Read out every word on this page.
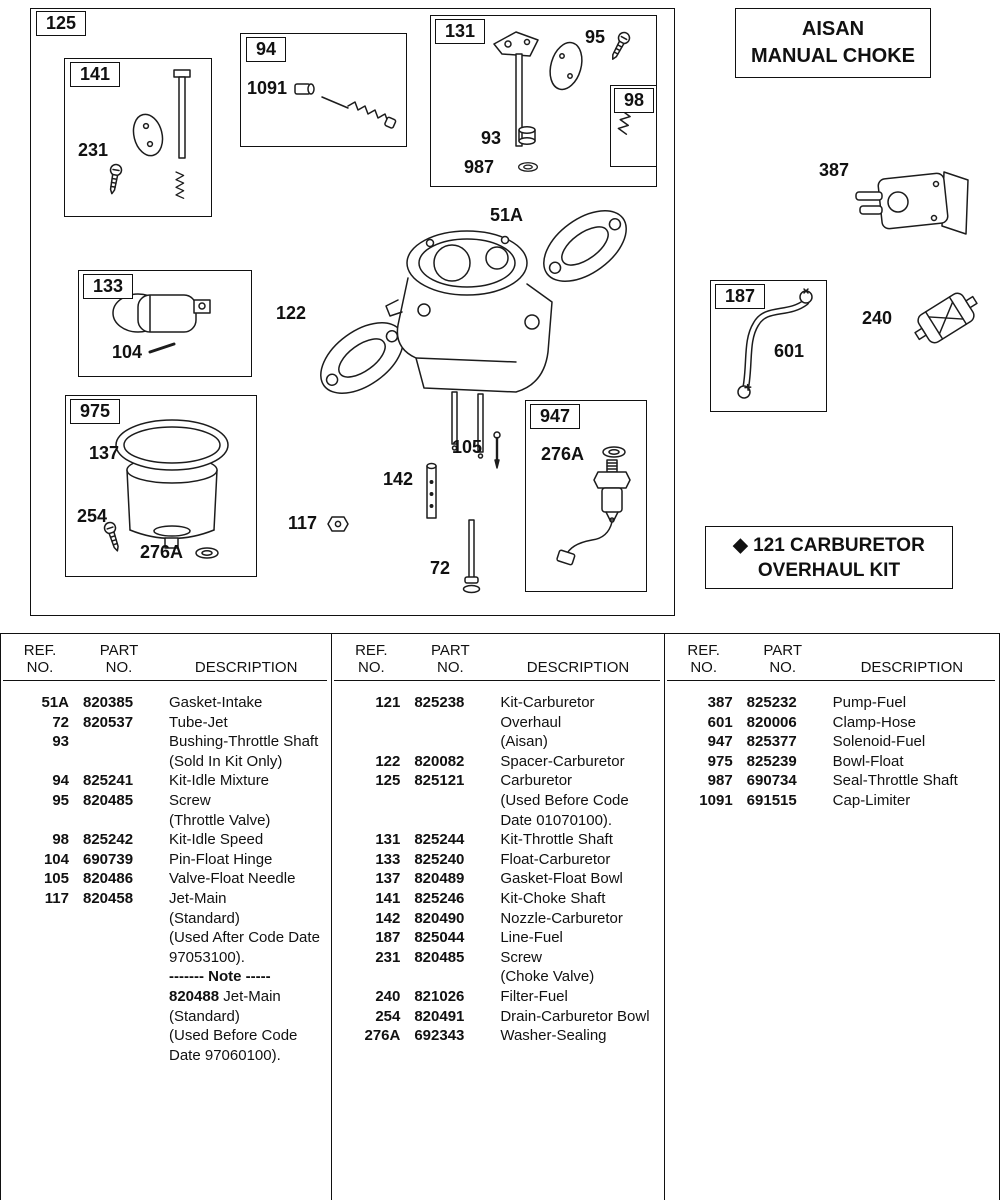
125
141
231
94
1091
131	95
98
93
987
51A
122
133
104
975
137
254
276A
117
105
142
72
947
276A
187
601
387
240
AISAN
MANUAL CHOKE
◆ 121 CARBURETOR
OVERHAUL KIT
REF.
NO.
PART
NO.	DESCRIPTION
51A 820385	Gasket-Intake
72 820537	Tube-Jet
93	Bushing-Throttle Shaft
(Sold In Kit Only)
94 825241	Kit-Idle Mixture
95 820485	Screw
(Throttle Valve)
98 825242	Kit-Idle Speed
104 690739	Pin-Float Hinge
105 820486	Valve-Float Needle
117 820458	Jet-Main
(Standard)
(Used After Code Date
97053100).
------- Note -----
820488 Jet-Main
(Standard)
(Used Before Code
Date 97060100).
REF.
NO.
PART
NO.	DESCRIPTION
121 825238	Kit-Carburetor
Overhaul
(Aisan)
122 820082	Spacer-Carburetor
125 825121	Carburetor
(Used Before Code
Date 01070100).
131 825244	Kit-Throttle Shaft
133 825240	Float-Carburetor
137 820489	Gasket-Float Bowl
141 825246	Kit-Choke Shaft
142 820490	Nozzle-Carburetor
187 825044	Line-Fuel
231 820485	Screw
(Choke Valve)
240 821026	Filter-Fuel
254 820491	Drain-Carburetor Bowl
276A 692343	Washer-Sealing
REF.
NO.
PART
NO.	DESCRIPTION
387 825232	Pump-Fuel
601 820006	Clamp-Hose
947 825377	Solenoid-Fuel
975 825239	Bowl-Float
987 690734	Seal-Throttle Shaft
1091 691515	Cap-Limiter
